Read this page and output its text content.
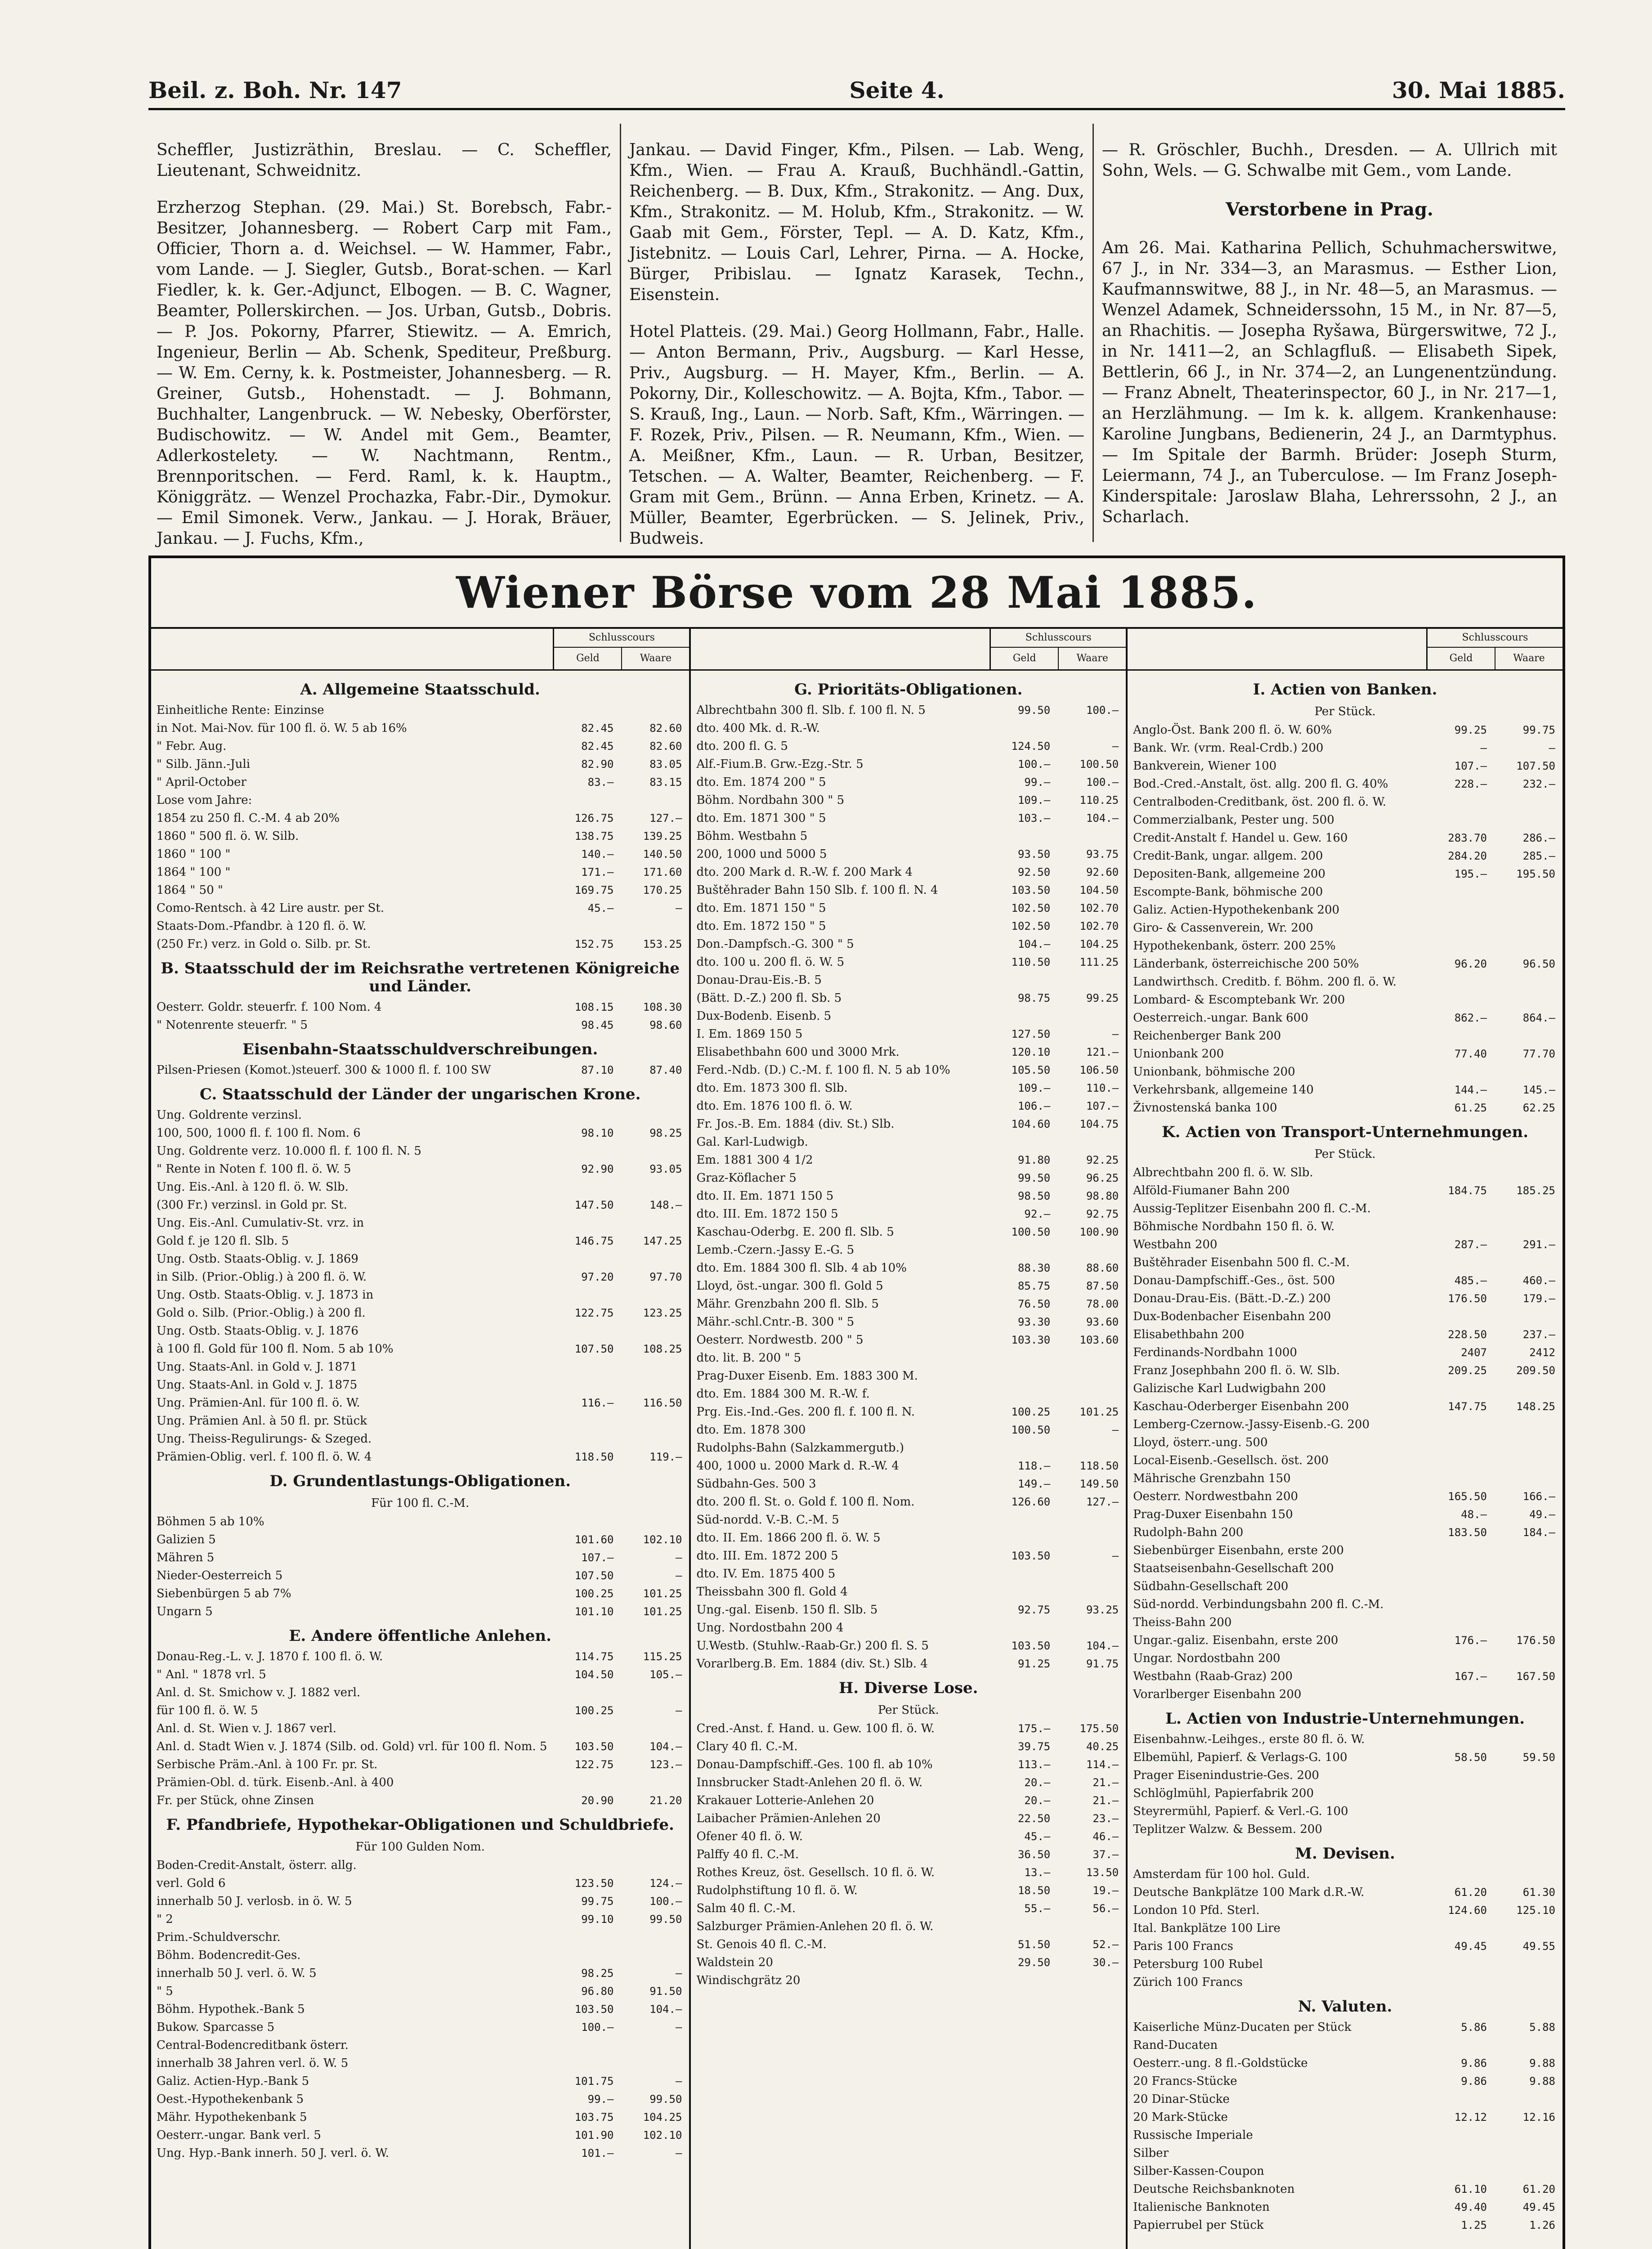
Beil. z. Boh. Nr. 147	Seite 4.	30. Mai 1885.

Scheffler, Justizräthin, Breslau. — C. Scheffler, Lieutenant, Schweidnitz.

Erzherzog Stephan. (29. Mai.) St. Borebsch, Fabr.-Besitzer, Johannesberg. — Robert Carp mit Fam., Officier, Thorn a. d. Weichsel. — W. Hammer, Fabr., vom Lande. — J. Siegler, Gutsb., Borat-schen. — Karl Fiedler, k. k. Ger.-Adjunct, Elbogen. — B. C. Wagner, Beamter, Pollerskirchen. — Jos. Urban, Gutsb., Dobris. — P. Jos. Pokorny, Pfarrer, Stiewitz. — A. Emrich, Ingenieur, Berlin — Ab. Schenk, Spediteur, Preßburg. — W. Em. Cerny, k. k. Postmeister, Johannesberg. — R. Greiner, Gutsb., Hohenstadt. — J. Bohmann, Buchhalter, Langenbruck. — W. Nebesky, Oberförster, Budischowitz. — W. Andel mit Gem., Beamter, Adlerkostelety. — W. Nachtmann, Rentm., Brennporitschen. — Ferd. Raml, k. k. Hauptm., Königgrätz. — Wenzel Prochazka, Fabr.-Dir., Dymokur. — Emil Simonek. Verw., Jankau. — J. Horak, Bräuer, Jankau. — J. Fuchs, Kfm.,

Jankau. — David Finger, Kfm., Pilsen. — Lab. Weng, Kfm., Wien. — Frau A. Krauß, Buchhändl.-Gattin, Reichenberg. — B. Dux, Kfm., Strakonitz. — Ang. Dux, Kfm., Strakonitz. — M. Holub, Kfm., Strakonitz. — W. Gaab mit Gem., Förster, Tepl. — A. D. Katz, Kfm., Jistebnitz. — Louis Carl, Lehrer, Pirna. — A. Hocke, Bürger, Pribislau. — Ignatz Karasek, Techn., Eisenstein.

Hotel Platteis. (29. Mai.) Georg Hollmann, Fabr., Halle. — Anton Bermann, Priv., Augsburg. — Karl Hesse, Priv., Augsburg. — H. Mayer, Kfm., Berlin. — A. Pokorny, Dir., Kolleschowitz. — A. Bojta, Kfm., Tabor. — S. Krauß, Ing., Laun. — Norb. Saft, Kfm., Wärringen. — F. Rozek, Priv., Pilsen. — R. Neumann, Kfm., Wien. — A. Meißner, Kfm., Laun. — R. Urban, Besitzer, Tetschen. — A. Walter, Beamter, Reichenberg. — F. Gram mit Gem., Brünn. — Anna Erben, Krinetz. — A. Müller, Beamter, Egerbrücken. — S. Jelinek, Priv., Budweis.

— R. Gröschler, Buchh., Dresden. — A. Ullrich mit Sohn, Wels. — G. Schwalbe mit Gem., vom Lande.

Verstorbene in Prag.

Am 26. Mai. Katharina Pellich, Schuhmacherswitwe, 67 J., in Nr. 334—3, an Marasmus. — Esther Lion, Kaufmannswitwe, 88 J., in Nr. 48—5, an Marasmus. — Wenzel Adamek, Schneiderssohn, 15 M., in Nr. 87—5, an Rhachitis. — Josepha Ryšawa, Bürgerswitwe, 72 J., in Nr. 1411—2, an Schlagfluß. — Elisabeth Sipek, Bettlerin, 66 J., in Nr. 374—2, an Lungenentzündung. — Franz Abnelt, Theaterinspector, 60 J., in Nr. 217—1, an Herzlähmung. — Im k. k. allgem. Krankenhause: Karoline Jungbans, Bedienerin, 24 J., an Darmtyphus. — Im Spitale der Barmh. Brüder: Joseph Sturm, Leiermann, 74 J., an Tuberculose. — Im Franz Joseph-Kinderspitale: Jaroslaw Blaha, Lehrerssohn, 2 J., an Scharlach.

Wiener Börse vom 28 Mai 1885.
Schlusscours
Geld	Waare
A. Allgemeine Staatsschuld.
Einheitliche Rente: Einzinse
in Not. Mai-Nov. für 100 fl. ö. W. 5 ab 16%	82.45	82.60
" Febr. Aug.	82.45	82.60
" Silb. Jänn.-Juli	82.90	83.05
" April-October	83.—	83.15
Lose vom Jahre:
1854 zu 250 fl. C.-M. 4 ab 20%	126.75	127.—
1860 " 500 fl. ö. W. Silb.	138.75	139.25
1860 " 100 "	140.—	140.50
1864 " 100 "	171.—	171.60
1864 " 50 "	169.75	170.25
Como-Rentsch. à 42 Lire austr. per St.	45.—	—
Staats-Dom.-Pfandbr. à 120 fl. ö. W.
(250 Fr.) verz. in Gold o. Silb. pr. St.	152.75	153.25
B. Staatsschuld der im Reichsrathe vertretenen Königreiche und Länder.
Oesterr. Goldr. steuerfr. f. 100 Nom. 4	108.15	108.30
" Notenrente steuerfr. " 5	98.45	98.60
Eisenbahn-Staatsschuldverschreibungen.
Pilsen-Priesen (Komot.)steuerf. 300 & 1000 fl. f. 100 SW	87.10	87.40
C. Staatsschuld der Länder der ungarischen Krone.
Ung. Goldrente verzinsl.
100, 500, 1000 fl. f. 100 fl. Nom. 6	98.10	98.25
Ung. Goldrente verz. 10.000 fl. f. 100 fl. N. 5
" Rente in Noten f. 100 fl. ö. W. 5	92.90	93.05
Ung. Eis.-Anl. à 120 fl. ö. W. Slb.
(300 Fr.) verzinsl. in Gold pr. St.	147.50	148.—
Ung. Eis.-Anl. Cumulativ-St. vrz. in
Gold f. je 120 fl. Slb. 5	146.75	147.25
Ung. Ostb. Staats-Oblig. v. J. 1869
in Silb. (Prior.-Oblig.) à 200 fl. ö. W.	97.20	97.70
Ung. Ostb. Staats-Oblig. v. J. 1873 in
Gold o. Silb. (Prior.-Oblig.) à 200 fl.	122.75	123.25
Ung. Ostb. Staats-Oblig. v. J. 1876
à 100 fl. Gold für 100 fl. Nom. 5 ab 10%	107.50	108.25
Ung. Staats-Anl. in Gold v. J. 1871
Ung. Staats-Anl. in Gold v. J. 1875
Ung. Prämien-Anl. für 100 fl. ö. W.	116.—	116.50
Ung. Prämien Anl. à 50 fl. pr. Stück
Ung. Theiss-Regulirungs- & Szeged.
Prämien-Oblig. verl. f. 100 fl. ö. W. 4	118.50	119.—
D. Grundentlastungs-Obligationen.
Für 100 fl. C.-M.
Böhmen 5 ab 10%
Galizien 5	101.60	102.10
Mähren 5	107.—	—
Nieder-Oesterreich 5	107.50	—
Siebenbürgen 5 ab 7%	100.25	101.25
Ungarn 5	101.10	101.25
E. Andere öffentliche Anlehen.
Donau-Reg.-L. v. J. 1870 f. 100 fl. ö. W.	114.75	115.25
" Anl. " 1878 vrl. 5	104.50	105.—
Anl. d. St. Smichow v. J. 1882 verl.
für 100 fl. ö. W. 5	100.25	—
Anl. d. St. Wien v. J. 1867 verl.
Anl. d. Stadt Wien v. J. 1874 (Silb. od. Gold) vrl. für 100 fl. Nom. 5	103.50	104.—
Serbische Präm.-Anl. à 100 Fr. pr. St.	122.75	123.—
Prämien-Obl. d. türk. Eisenb.-Anl. à 400
Fr. per Stück, ohne Zinsen	20.90	21.20
F. Pfandbriefe, Hypothekar-Obligationen und Schuldbriefe.
Für 100 Gulden Nom.
Boden-Credit-Anstalt, österr. allg.
verl. Gold 6	123.50	124.—
innerhalb 50 J. verlosb. in ö. W. 5	99.75	100.—
" 2	99.10	99.50
Prim.-Schuldverschr.
Böhm. Bodencredit-Ges.
innerhalb 50 J. verl. ö. W. 5	98.25	—
" 5	96.80	91.50
Böhm. Hypothek.-Bank 5	103.50	104.—
Bukow. Sparcasse 5	100.—	—
Central-Bodencreditbank österr.
innerhalb 38 Jahren verl. ö. W. 5
Galiz. Actien-Hyp.-Bank 5	101.75	—
Oest.-Hypothekenbank 5	99.—	99.50
Mähr. Hypothekenbank 5	103.75	104.25
Oesterr.-ungar. Bank verl. 5	101.90	102.10
Ung. Hyp.-Bank innerh. 50 J. verl. ö. W.	101.—	—
Schlusscours
Geld	Waare
G. Prioritäts-Obligationen.
Albrechtbahn 300 fl. Slb. f. 100 fl. N. 5	99.50	100.—
dto. 400 Mk. d. R.-W.
dto. 200 fl. G. 5	124.50	—
Alf.-Fium.B. Grw.-Ezg.-Str. 5	100.—	100.50
dto. Em. 1874 200 " 5	99.—	100.—
Böhm. Nordbahn 300 " 5	109.—	110.25
dto. Em. 1871 300 " 5	103.—	104.—
Böhm. Westbahn 5
200, 1000 und 5000 5	93.50	93.75
dto. 200 Mark d. R.-W. f. 200 Mark 4	92.50	92.60
Buštěhrader Bahn 150 Slb. f. 100 fl. N. 4	103.50	104.50
dto. Em. 1871 150 " 5	102.50	102.70
dto. Em. 1872 150 " 5	102.50	102.70
Don.-Dampfsch.-G. 300 " 5	104.—	104.25
dto. 100 u. 200 fl. ö. W. 5	110.50	111.25
Donau-Drau-Eis.-B. 5
(Bätt. D.-Z.) 200 fl. Sb. 5	98.75	99.25
Dux-Bodenb. Eisenb. 5
I. Em. 1869 150 5	127.50	—
Elisabethbahn 600 und 3000 Mrk.	120.10	121.—
Ferd.-Ndb. (D.) C.-M. f. 100 fl. N. 5 ab 10%	105.50	106.50
dto. Em. 1873 300 fl. Slb.	109.—	110.—
dto. Em. 1876 100 fl. ö. W.	106.—	107.—
Fr. Jos.-B. Em. 1884 (div. St.) Slb.	104.60	104.75
Gal. Karl-Ludwigb.
Em. 1881 300 4 1/2	91.80	92.25
Graz-Köflacher 5	99.50	96.25
dto. II. Em. 1871 150 5	98.50	98.80
dto. III. Em. 1872 150 5	92.—	92.75
Kaschau-Oderbg. E. 200 fl. Slb. 5	100.50	100.90
Lemb.-Czern.-Jassy E.-G. 5
dto. Em. 1884 300 fl. Slb. 4 ab 10%	88.30	88.60
Lloyd, öst.-ungar. 300 fl. Gold 5	85.75	87.50
Mähr. Grenzbahn 200 fl. Slb. 5	76.50	78.00
Mähr.-schl.Cntr.-B. 300 " 5	93.30	93.60
Oesterr. Nordwestb. 200 " 5	103.30	103.60
dto. lit. B. 200 " 5
Prag-Duxer Eisenb. Em. 1883 300 M.
dto. Em. 1884 300 M. R.-W. f.
Prg. Eis.-Ind.-Ges. 200 fl. f. 100 fl. N.	100.25	101.25
dto. Em. 1878 300	100.50	—
Rudolphs-Bahn (Salzkammergutb.)
400, 1000 u. 2000 Mark d. R.-W. 4	118.—	118.50
Südbahn-Ges. 500 3	149.—	149.50
dto. 200 fl. St. o. Gold f. 100 fl. Nom.	126.60	127.—
Süd-nordd. V.-B. C.-M. 5
dto. II. Em. 1866 200 fl. ö. W. 5
dto. III. Em. 1872 200 5	103.50	—
dto. IV. Em. 1875 400 5
Theissbahn 300 fl. Gold 4
Ung.-gal. Eisenb. 150 fl. Slb. 5	92.75	93.25
Ung. Nordostbahn 200 4
U.Westb. (Stuhlw.-Raab-Gr.) 200 fl. S. 5	103.50	104.—
Vorarlberg.B. Em. 1884 (div. St.) Slb. 4	91.25	91.75
H. Diverse Lose.
Per Stück.
Cred.-Anst. f. Hand. u. Gew. 100 fl. ö. W.	175.—	175.50
Clary 40 fl. C.-M.	39.75	40.25
Donau-Dampfschiff.-Ges. 100 fl. ab 10%	113.—	114.—
Innsbrucker Stadt-Anlehen 20 fl. ö. W.	20.—	21.—
Krakauer Lotterie-Anlehen 20	20.—	21.—
Laibacher Prämien-Anlehen 20	22.50	23.—
Ofener 40 fl. ö. W.	45.—	46.—
Palffy 40 fl. C.-M.	36.50	37.—
Rothes Kreuz, öst. Gesellsch. 10 fl. ö. W.	13.—	13.50
Rudolphstiftung 10 fl. ö. W.	18.50	19.—
Salm 40 fl. C.-M.	55.—	56.—
Salzburger Prämien-Anlehen 20 fl. ö. W.
St. Genois 40 fl. C.-M.	51.50	52.—
Waldstein 20	29.50	30.—
Windischgrätz 20
Schlusscours
Geld	Waare
I. Actien von Banken.
Per Stück.
Anglo-Öst. Bank 200 fl. ö. W. 60%	99.25	99.75
Bank. Wr. (vrm. Real-Crdb.) 200	—	—
Bankverein, Wiener 100	107.—	107.50
Bod.-Cred.-Anstalt, öst. allg. 200 fl. G. 40%	228.—	232.—
Centralboden-Creditbank, öst. 200 fl. ö. W.
Commerzialbank, Pester ung. 500
Credit-Anstalt f. Handel u. Gew. 160	283.70	286.—
Credit-Bank, ungar. allgem. 200	284.20	285.—
Depositen-Bank, allgemeine 200	195.—	195.50
Escompte-Bank, böhmische 200
Galiz. Actien-Hypothekenbank 200
Giro- & Cassenverein, Wr. 200
Hypothekenbank, österr. 200 25%
Länderbank, österreichische 200 50%	96.20	96.50
Landwirthsch. Creditb. f. Böhm. 200 fl. ö. W.
Lombard- & Escomptebank Wr. 200
Oesterreich.-ungar. Bank 600	862.—	864.—
Reichenberger Bank 200
Unionbank 200	77.40	77.70
Unionbank, böhmische 200
Verkehrsbank, allgemeine 140	144.—	145.—
Živnostenská banka 100	61.25	62.25
K. Actien von Transport-Unternehmungen.
Per Stück.
Albrechtbahn 200 fl. ö. W. Slb.
Alföld-Fiumaner Bahn 200	184.75	185.25
Aussig-Teplitzer Eisenbahn 200 fl. C.-M.
Böhmische Nordbahn 150 fl. ö. W.
Westbahn 200	287.—	291.—
Buštěhrader Eisenbahn 500 fl. C.-M.
Donau-Dampfschiff.-Ges., öst. 500	485.—	460.—
Donau-Drau-Eis. (Bätt.-D.-Z.) 200	176.50	179.—
Dux-Bodenbacher Eisenbahn 200
Elisabethbahn 200	228.50	237.—
Ferdinands-Nordbahn 1000	2407	2412
Franz Josephbahn 200 fl. ö. W. Slb.	209.25	209.50
Galizische Karl Ludwigbahn 200
Kaschau-Oderberger Eisenbahn 200	147.75	148.25
Lemberg-Czernow.-Jassy-Eisenb.-G. 200
Lloyd, österr.-ung. 500
Local-Eisenb.-Gesellsch. öst. 200
Mährische Grenzbahn 150
Oesterr. Nordwestbahn 200	165.50	166.—
Prag-Duxer Eisenbahn 150	48.—	49.—
Rudolph-Bahn 200	183.50	184.—
Siebenbürger Eisenbahn, erste 200
Staatseisenbahn-Gesellschaft 200
Südbahn-Gesellschaft 200
Süd-nordd. Verbindungsbahn 200 fl. C.-M.
Theiss-Bahn 200
Ungar.-galiz. Eisenbahn, erste 200	176.—	176.50
Ungar. Nordostbahn 200
Westbahn (Raab-Graz) 200	167.—	167.50
Vorarlberger Eisenbahn 200
L. Actien von Industrie-Unternehmungen.
Eisenbahnw.-Leihges., erste 80 fl. ö. W.
Elbemühl, Papierf. & Verlags-G. 100	58.50	59.50
Prager Eisenindustrie-Ges. 200
Schlöglmühl, Papierfabrik 200
Steyrermühl, Papierf. & Verl.-G. 100
Teplitzer Walzw. & Bessem. 200
M. Devisen.
Amsterdam für 100 hol. Guld.
Deutsche Bankplätze 100 Mark d.R.-W.	61.20	61.30
London 10 Pfd. Sterl.	124.60	125.10
Ital. Bankplätze 100 Lire
Paris 100 Francs	49.45	49.55
Petersburg 100 Rubel
Zürich 100 Francs
N. Valuten.
Kaiserliche Münz-Ducaten per Stück	5.86	5.88
Rand-Ducaten
Oesterr.-ung. 8 fl.-Goldstücke	9.86	9.88
20 Francs-Stücke	9.86	9.88
20 Dinar-Stücke
20 Mark-Stücke	12.12	12.16
Russische Imperiale
Silber
Silber-Kassen-Coupon
Deutsche Reichsbanknoten	61.10	61.20
Italienische Banknoten	49.40	49.45
Papierrubel per Stück	1.25	1.26
